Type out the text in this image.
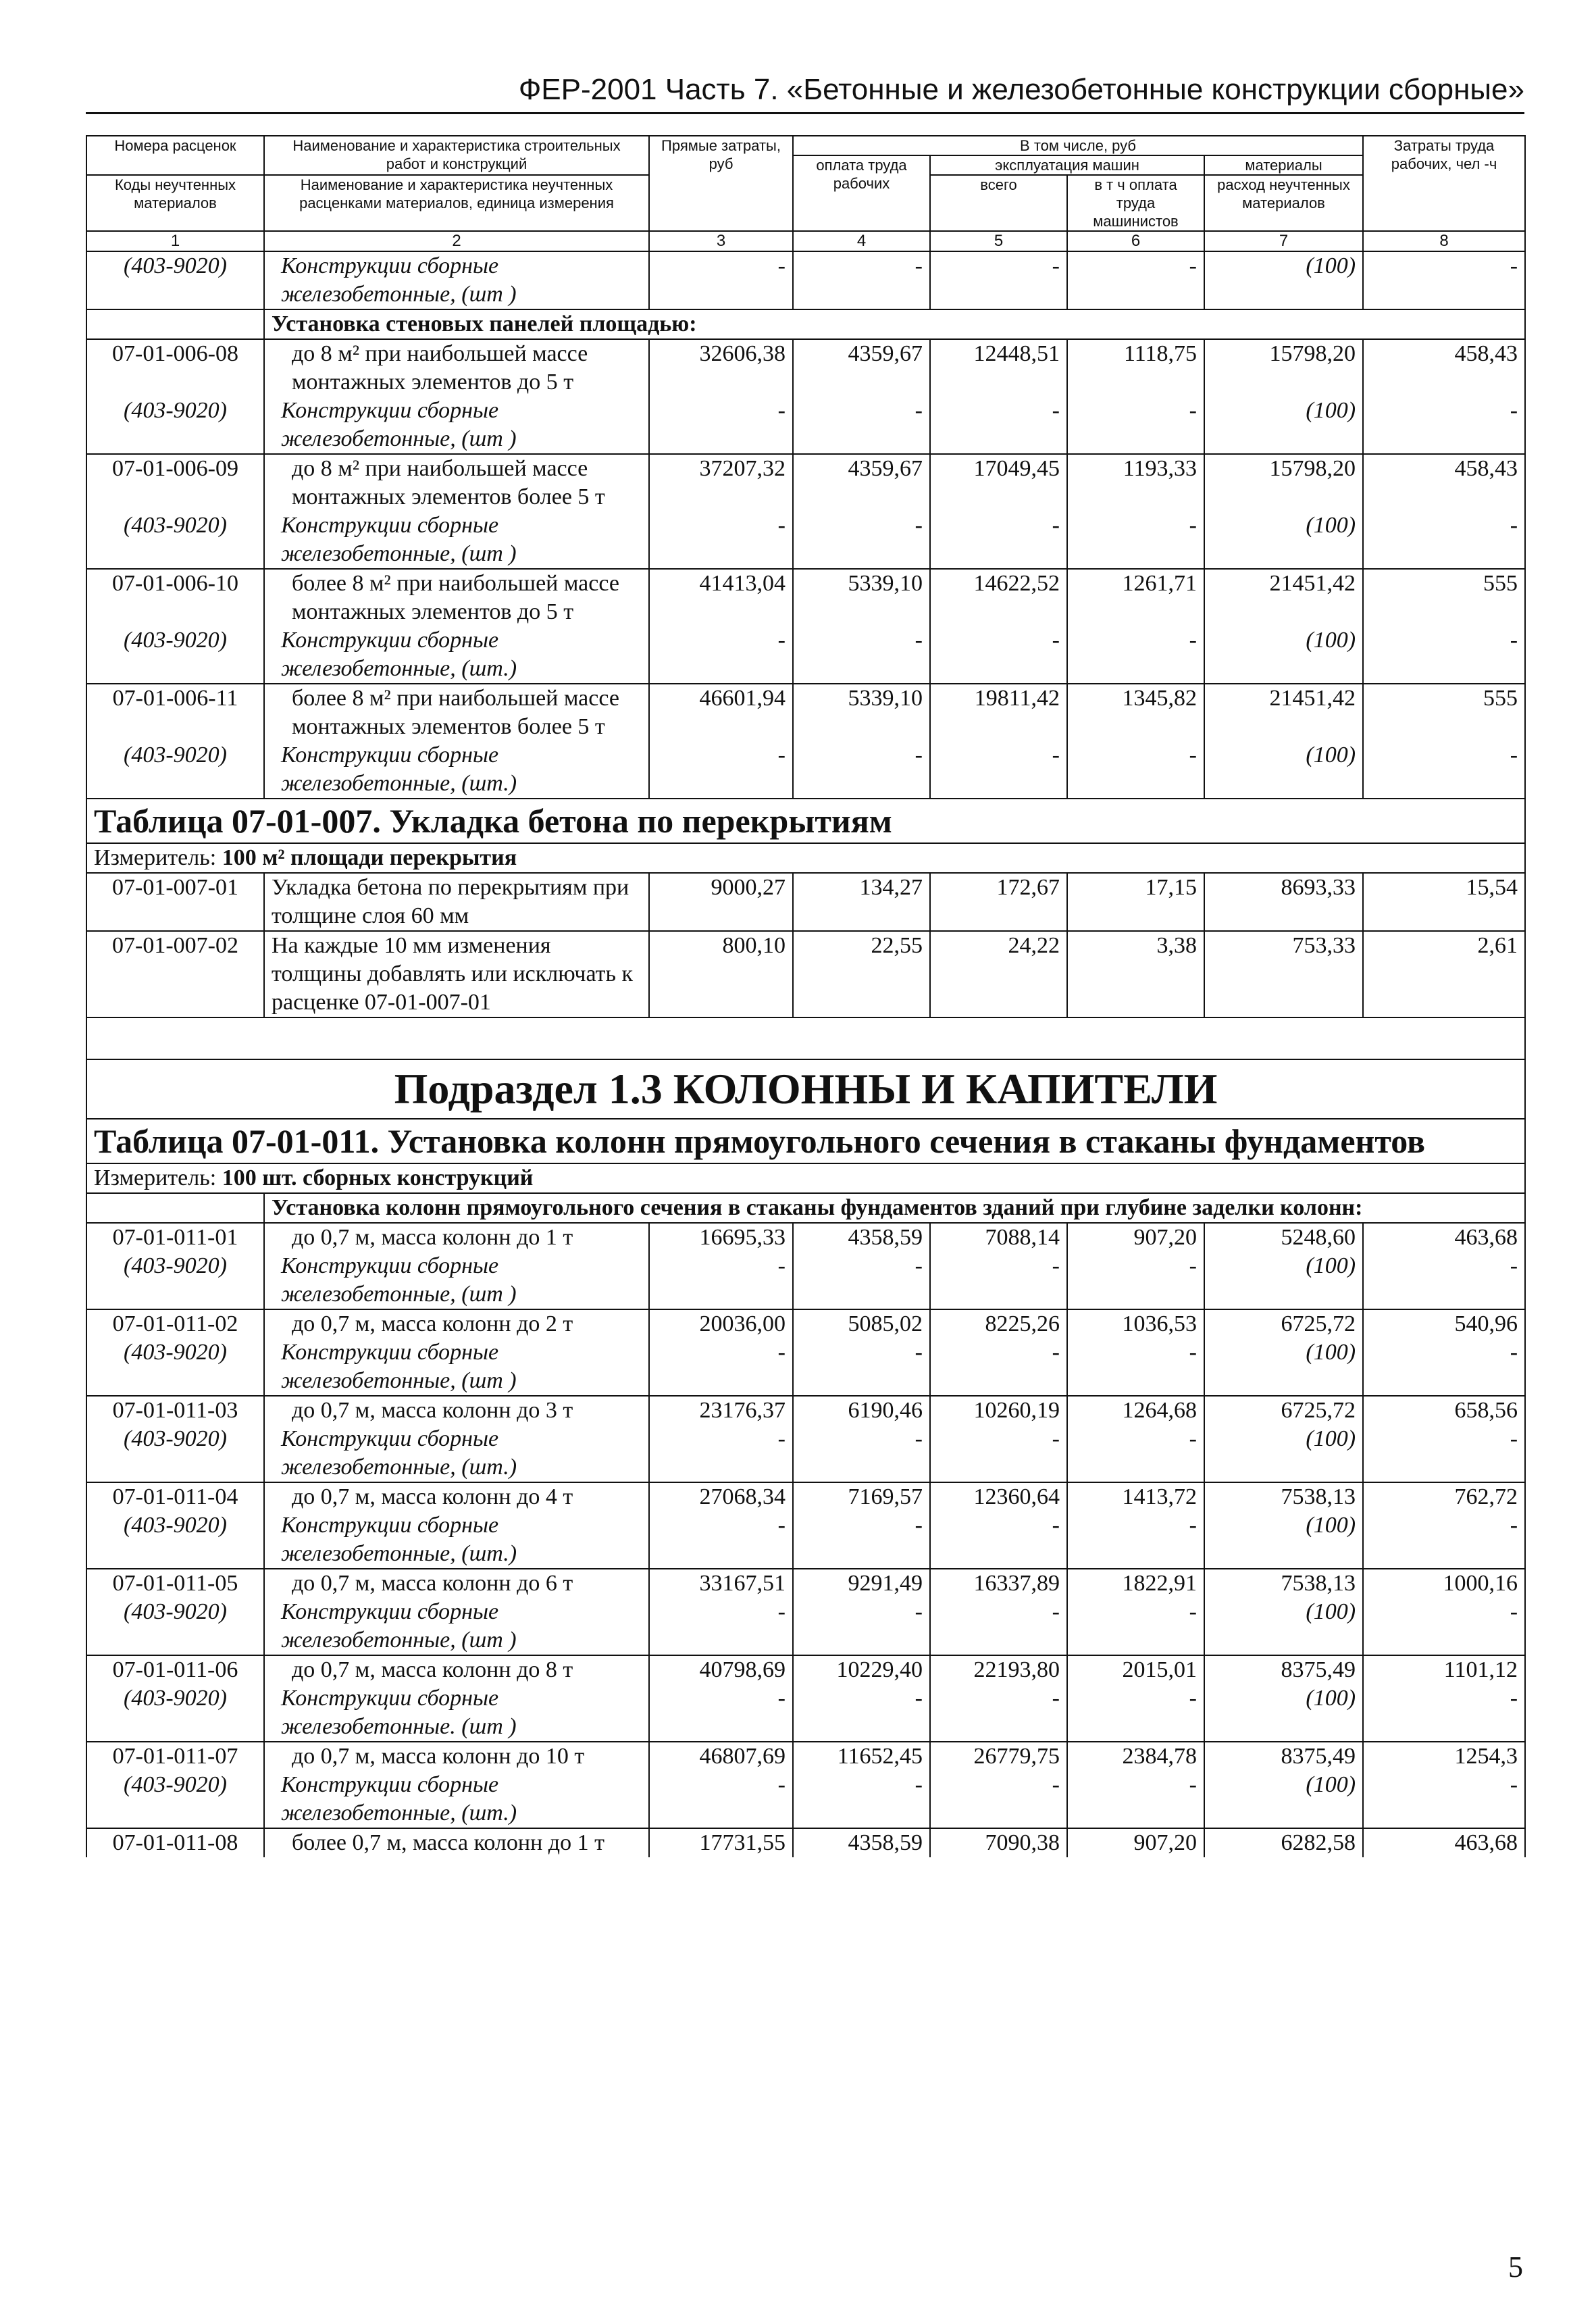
ФЕР-2001 Часть 7. «Бетонные и железобетонные конструкции сборные»
Номера расценок	Наименование и характеристика строительных работ и конструкций	Прямые затраты, руб	В том числе, руб				Затраты труда рабочих, чел -ч
			оплата труда рабочих	эксплуатация машин		материалы	
Коды неучтенных материалов	Наименование и характеристика неучтенных расценками материалов, единица измерения			всего	в т ч оплата труда машинистов	расход неучтенных материалов	

1	2	3	4	5	6	7	8
(403-9020)	Конструкции сборные железобетонные, (шт )	-	-	-	-	(100)	-
	Установка стеновых панелей площадью:						
07-01-006-08	до 8 м² при наибольшей массе монтажных элементов до 5 т	32606,38	4359,67	12448,51	1118,75	15798,20	458,43
(403-9020)	Конструкции сборные железобетонные, (шт )	-	-	-	-	(100)	-
07-01-006-09	до 8 м² при наибольшей массе монтажных элементов более 5 т	37207,32	4359,67	17049,45	1193,33	15798,20	458,43
(403-9020)	Конструкции сборные железобетонные, (шт )	-	-	-	-	(100)	-
07-01-006-10	более 8 м² при наибольшей массе монтажных элементов до 5 т	41413,04	5339,10	14622,52	1261,71	21451,42	555
(403-9020)	Конструкции сборные железобетонные, (шт.)	-	-	-	-	(100)	-
07-01-006-11	более 8 м² при наибольшей массе монтажных элементов более 5 т	46601,94	5339,10	19811,42	1345,82	21451,42	555
(403-9020)	Конструкции сборные железобетонные, (шт.)	-	-	-	-	(100)	-
Таблица 07-01-007. Укладка бетона по перекрытиям							
Измеритель: 100 м² площади перекрытия							
07-01-007-01	Укладка бетона по перекрытиям при толщине слоя 60 мм	9000,27	134,27	172,67	17,15	8693,33	15,54
07-01-007-02	На каждые 10 мм изменения толщины добавлять или исключать к расценке 07-01-007-01	800,10	22,55	24,22	3,38	753,33	2,61

Подраздел 1.3 КОЛОННЫ И КАПИТЕЛИ							
Таблица 07-01-011. Установка колонн прямоугольного сечения в стаканы фундаментов							
Измеритель: 100 шт. сборных конструкций							
	Установка колонн прямоугольного сечения в стаканы фундаментов зданий при глубине заделки колонн:						
07-01-011-01	до 0,7 м, масса колонн до 1 т	16695,33	4358,59	7088,14	907,20	5248,60	463,68
(403-9020)	Конструкции сборные железобетонные, (шт )	-	-	-	-	(100)	-
07-01-011-02	до 0,7 м, масса колонн до 2 т	20036,00	5085,02	8225,26	1036,53	6725,72	540,96
(403-9020)	Конструкции сборные железобетонные, (шт )	-	-	-	-	(100)	-
07-01-011-03	до 0,7 м, масса колонн до 3 т	23176,37	6190,46	10260,19	1264,68	6725,72	658,56
(403-9020)	Конструкции сборные железобетонные, (шт.)	-	-	-	-	(100)	-
07-01-011-04	до 0,7 м, масса колонн до 4 т	27068,34	7169,57	12360,64	1413,72	7538,13	762,72
(403-9020)	Конструкции сборные железобетонные, (шт.)	-	-	-	-	(100)	-
07-01-011-05	до 0,7 м, масса колонн до 6 т	33167,51	9291,49	16337,89	1822,91	7538,13	1000,16
(403-9020)	Конструкции сборные железобетонные, (шт )	-	-	-	-	(100)	-
07-01-011-06	до 0,7 м, масса колонн до 8 т	40798,69	10229,40	22193,80	2015,01	8375,49	1101,12
(403-9020)	Конструкции сборные железобетонные. (шт )	-	-	-	-	(100)	-
07-01-011-07	до 0,7 м, масса колонн до 10 т	46807,69	11652,45	26779,75	2384,78	8375,49	1254,3
(403-9020)	Конструкции сборные железобетонные, (шт.)	-	-	-	-	(100)	-
07-01-011-08	более 0,7 м, масса колонн до 1 т	17731,55	4358,59	7090,38	907,20	6282,58	463,68
5
